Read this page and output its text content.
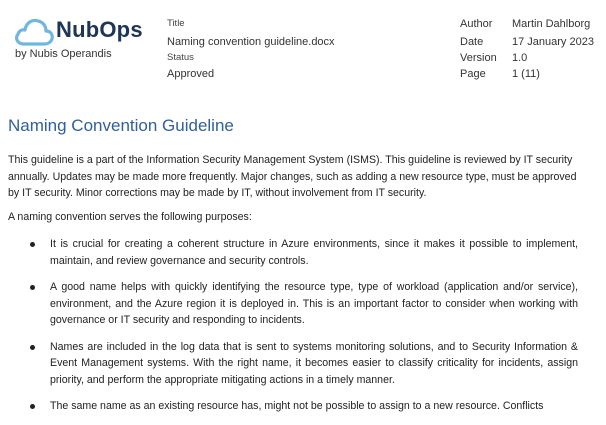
NubOps
by Nubis Operandis
Title
Naming convention guideline.docx
Status
Approved
Author Martin Dahlborg
Date	17 January 2023
Version 1.0
Page 1 (11)
Naming Convention Guideline
This guideline is a part of the Information Security Management System (ISMS). This guideline is reviewed by IT security annually. Updates may be made more frequently. Major changes, such as adding a new resource type, must be approved by IT security. Minor corrections may be made by IT, without involvement from IT security.
A naming convention serves the following purposes:
It is crucial for creating a coherent structure in Azure environments, since it makes it possible to implement, maintain, and review governance and security controls.
A good name helps with quickly identifying the resource type, type of workload (application and/or service), environment, and the Azure region it is deployed in. This is an important factor to consider when working with governance or IT security and responding to incidents.
Names are included in the log data that is sent to systems monitoring solutions, and to Security Information & Event Management systems. With the right name, it becomes easier to classify criticality for incidents, assign priority, and perform the appropriate mitigating actions in a timely manner.
The same name as an existing resource has, might not be possible to assign to a new resource. Conflicts
